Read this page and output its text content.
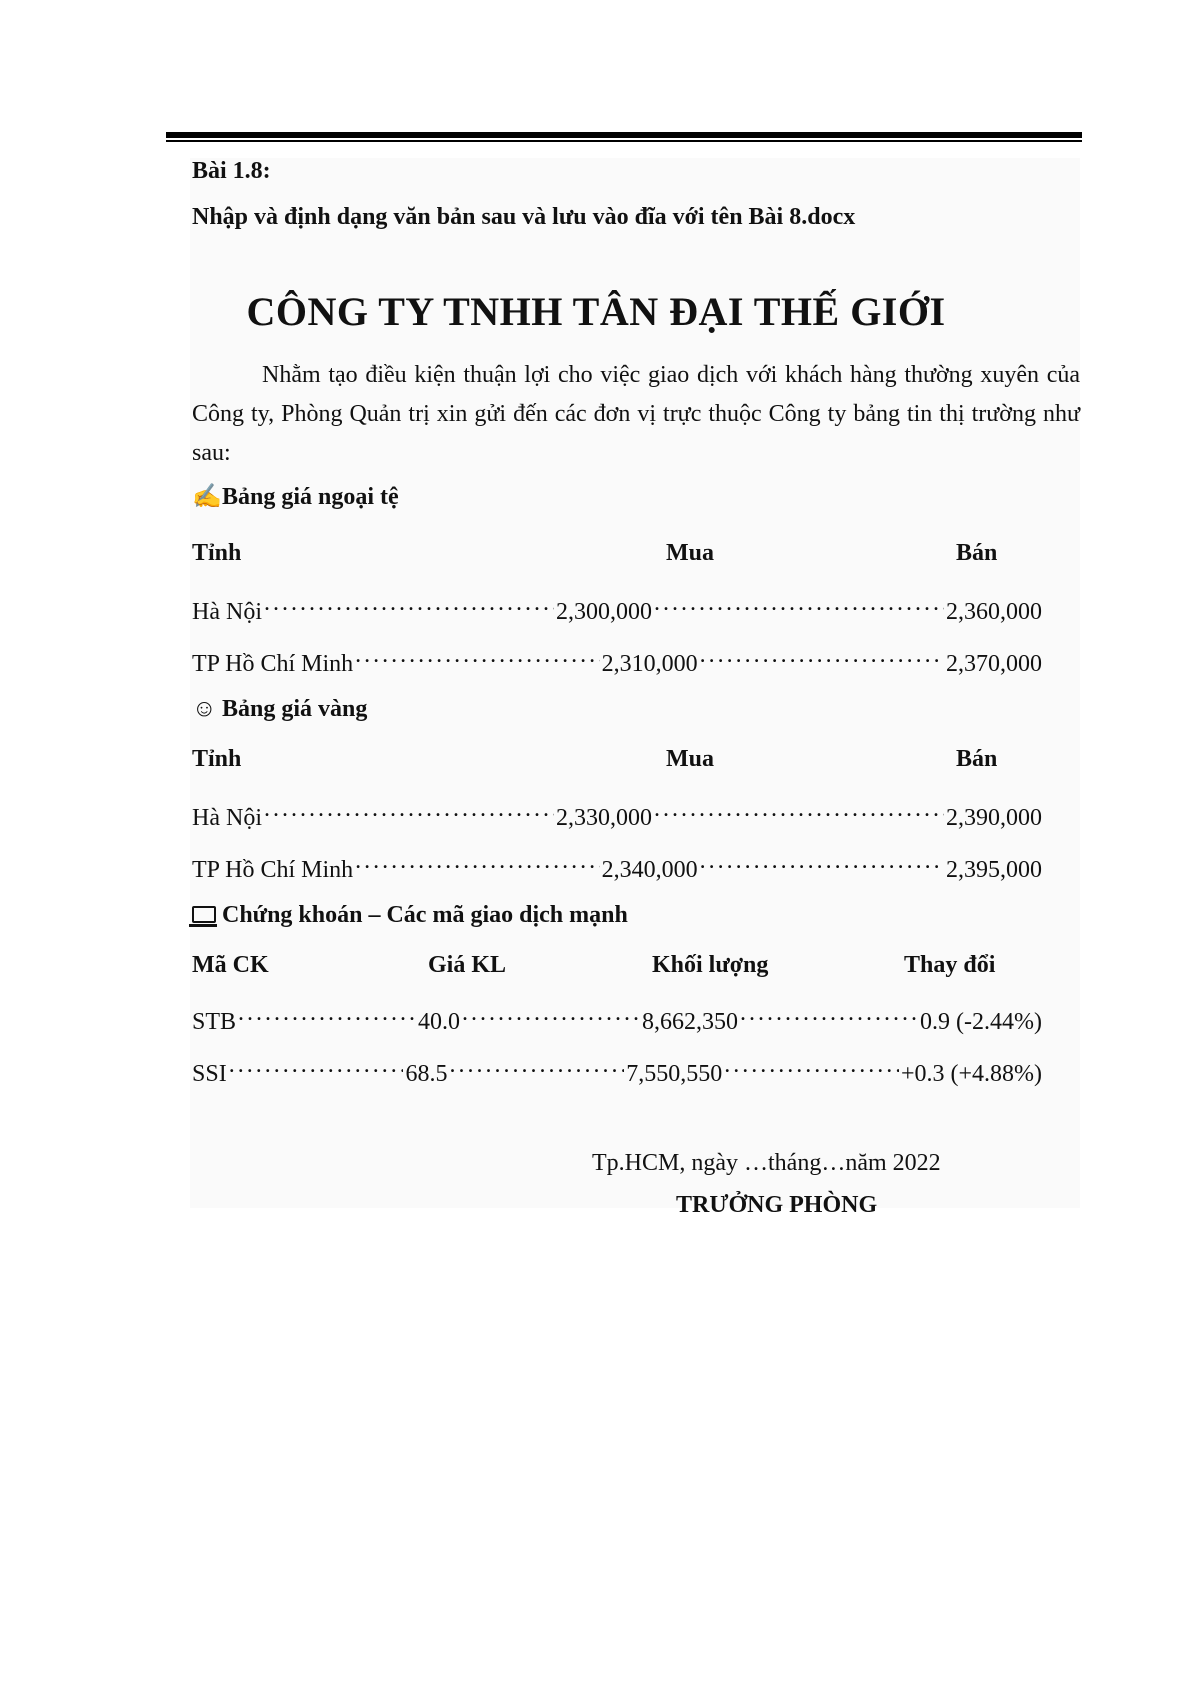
Bài 1.8:
Nhập và định dạng văn bản sau và lưu vào đĩa với tên Bài 8.docx
CÔNG TY TNHH TÂN ĐẠI THẾ GIỚI
Nhằm tạo điều kiện thuận lợi cho việc giao dịch với khách hàng thường xuyên của Công ty, Phòng Quản trị xin gửi đến các đơn vị trực thuộc Công ty bảng tin thị trường như sau:
✍Bảng giá ngoại tệ
Tỉnh	Mua	Bán
Hà Nội . . .	2,300,000 . . .	2,360,000
TP Hồ Chí Minh . . .	2,310,000 . . .	2,370,000
☺ Bảng giá vàng
Tỉnh	Mua	Bán
Hà Nội . . .	2,330,000 . . .	2,390,000
TP Hồ Chí Minh . . .	2,340,000 . . .	2,395,000
Chứng khoán – Các mã giao dịch mạnh
Mã CK	Giá KL	Khối lượng	Thay đổi
STB . . .	40.0 . . .	8,662,350 . . .	0.9 (-2.44%)
SSI . . .	68.5 . . .	7,550,550 . . .	+0.3 (+4.88%)
Tp.HCM, ngày …tháng…năm 2022
TRƯỞNG PHÒNG
